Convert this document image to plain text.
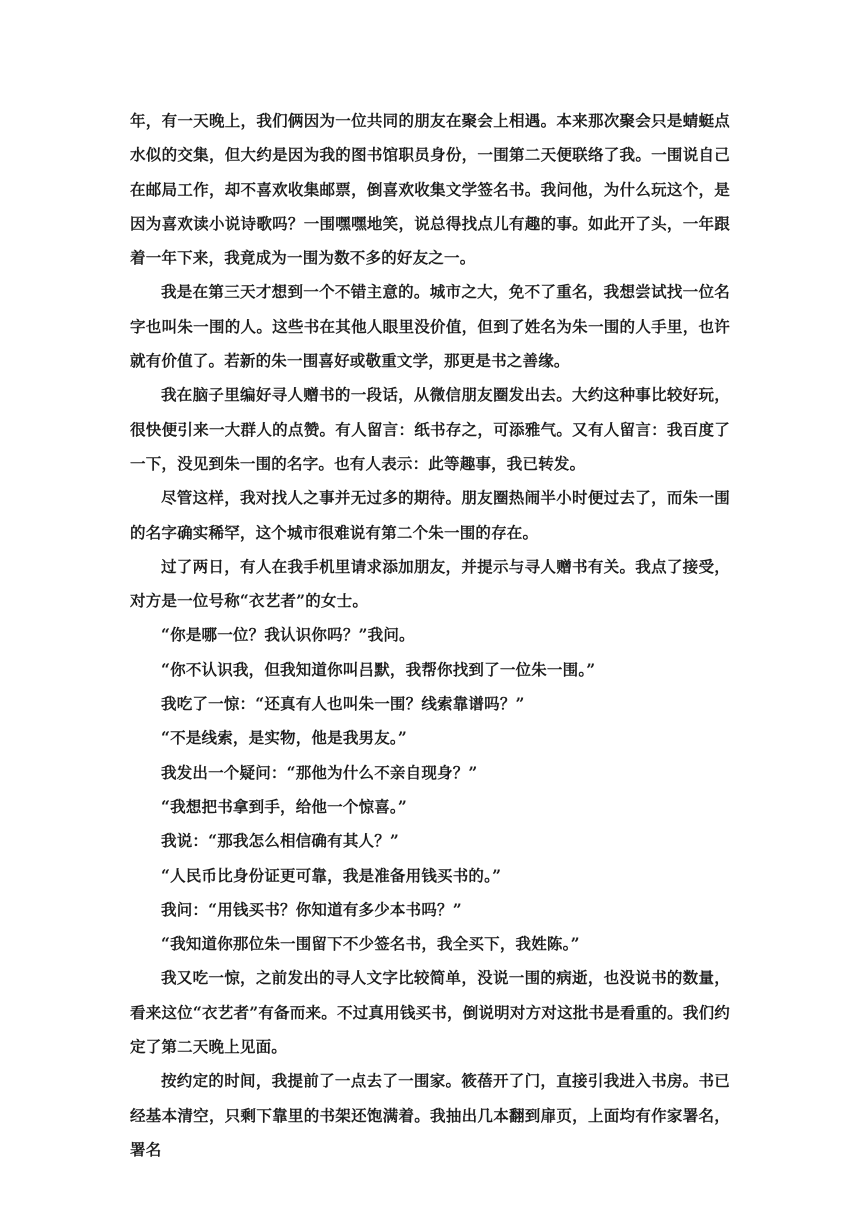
年，有一天晚上，我们俩因为一位共同的朋友在聚会上相遇。本来那次聚会只是蜻蜓点水似的交集，但大约是因为我的图书馆职员身份，一围第二天便联络了我。一围说自己在邮局工作，却不喜欢收集邮票，倒喜欢收集文学签名书。我问他，为什么玩这个，是因为喜欢读小说诗歌吗？一围嘿嘿地笑，说总得找点儿有趣的事。如此开了头，一年跟着一年下来，我竟成为一围为数不多的好友之一。

我是在第三天才想到一个不错主意的。城市之大，免不了重名，我想尝试找一位名字也叫朱一围的人。这些书在其他人眼里没价值，但到了姓名为朱一围的人手里，也许就有价值了。若新的朱一围喜好或敬重文学，那更是书之善缘。

我在脑子里编好寻人赠书的一段话，从微信朋友圈发出去。大约这种事比较好玩，很快便引来一大群人的点赞。有人留言：纸书存之，可添雅气。又有人留言：我百度了一下，没见到朱一围的名字。也有人表示：此等趣事，我已转发。

尽管这样，我对找人之事并无过多的期待。朋友圈热闹半小时便过去了，而朱一围的名字确实稀罕，这个城市很难说有第二个朱一围的存在。

过了两日，有人在我手机里请求添加朋友，并提示与寻人赠书有关。我点了接受，对方是一位号称“衣艺者”的女士。

“你是哪一位？我认识你吗？”我问。

“你不认识我，但我知道你叫吕默，我帮你找到了一位朱一围。”

我吃了一惊：“还真有人也叫朱一围？线索靠谱吗？”

“不是线索，是实物，他是我男友。”

我发出一个疑问：“那他为什么不亲自现身？”

“我想把书拿到手，给他一个惊喜。”

我说：“那我怎么相信确有其人？”

“人民币比身份证更可靠，我是准备用钱买书的。”

我问：“用钱买书？你知道有多少本书吗？”

“我知道你那位朱一围留下不少签名书，我全买下，我姓陈。”

我又吃一惊，之前发出的寻人文字比较简单，没说一围的病逝，也没说书的数量，看来这位“衣艺者”有备而来。不过真用钱买书，倒说明对方对这批书是看重的。我们约定了第二天晚上见面。

按约定的时间，我提前了一点去了一围家。筱蓓开了门，直接引我进入书房。书已经基本清空，只剩下靠里的书架还饱满着。我抽出几本翻到扉页，上面均有作家署名，署名
